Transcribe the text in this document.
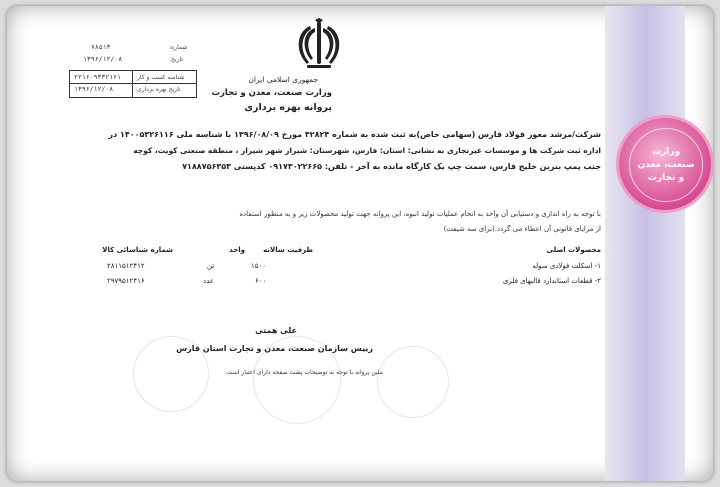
وزارت
صنعت، معدن
و تجارت
جمهوری اسلامی ایران
وزارت صنعت، معدن و تجارت
پروانه بهره برداری
شماره:
۷۸۵۱۳
تاریخ:
۱۳۹۶/۱۲/۰۸
شناسه کسب و کار:
۲۲۱۶۰۹۳۳۲۱۶۱
تاریخ بهره برداری:
۱۳۹۶/۱۲/۰۸
شرکت/مرشد معور فولاد فارس (سهامی خاص)به ثبت شده به شماره ۴۲۸۲۴ مورخ ۱۳۹۶/۰۸/۰۹ با شناسه ملی ۱۴۰۰۵۳۲۶۱۱۶ در
اداره ثبت شرکت ها و موسسات غیرتجاری به نشانی: استان: فارس، شهرستان: شیراز شهر شیراز ، منطقه صنعتی کویت، کوچه
جنب پمپ بنزین خلیج فارس، سمت چپ یک کارگاه مانده به آخر - تلفن: ۰۹۱۷۳۰۲۲۶۶۵ کدپستی ۷۱۸۸۷۵۶۳۵۳
با توجه به راه اندازی و دستیابی آن واحد به انجام عملیات تولید انبوه، این پروانه جهت تولید محصولات زیر و به منظور استفاده
از مزایای قانونی آن اعطاء می گردد.(برای سه شیفت)
محصولات اصلی
ظرفیت سالانه
واحد
شماره شناسائی کالا
۱- اسکلت فولادی سوله
۱۵۰۰
تن
۲۸۱۱۵۱۲۴۱۲
۲- قطعات استاندارد قالبهای فلزی
۶۰۰
عدد
۲۹۷۹۵۱۲۴۱۶
علی همتی
رییس سازمان صنعت، معدن و تجارت استان فارس
ملین پروانه با توجه به توضیحات پشت صفحه دارای اعتبار است.
